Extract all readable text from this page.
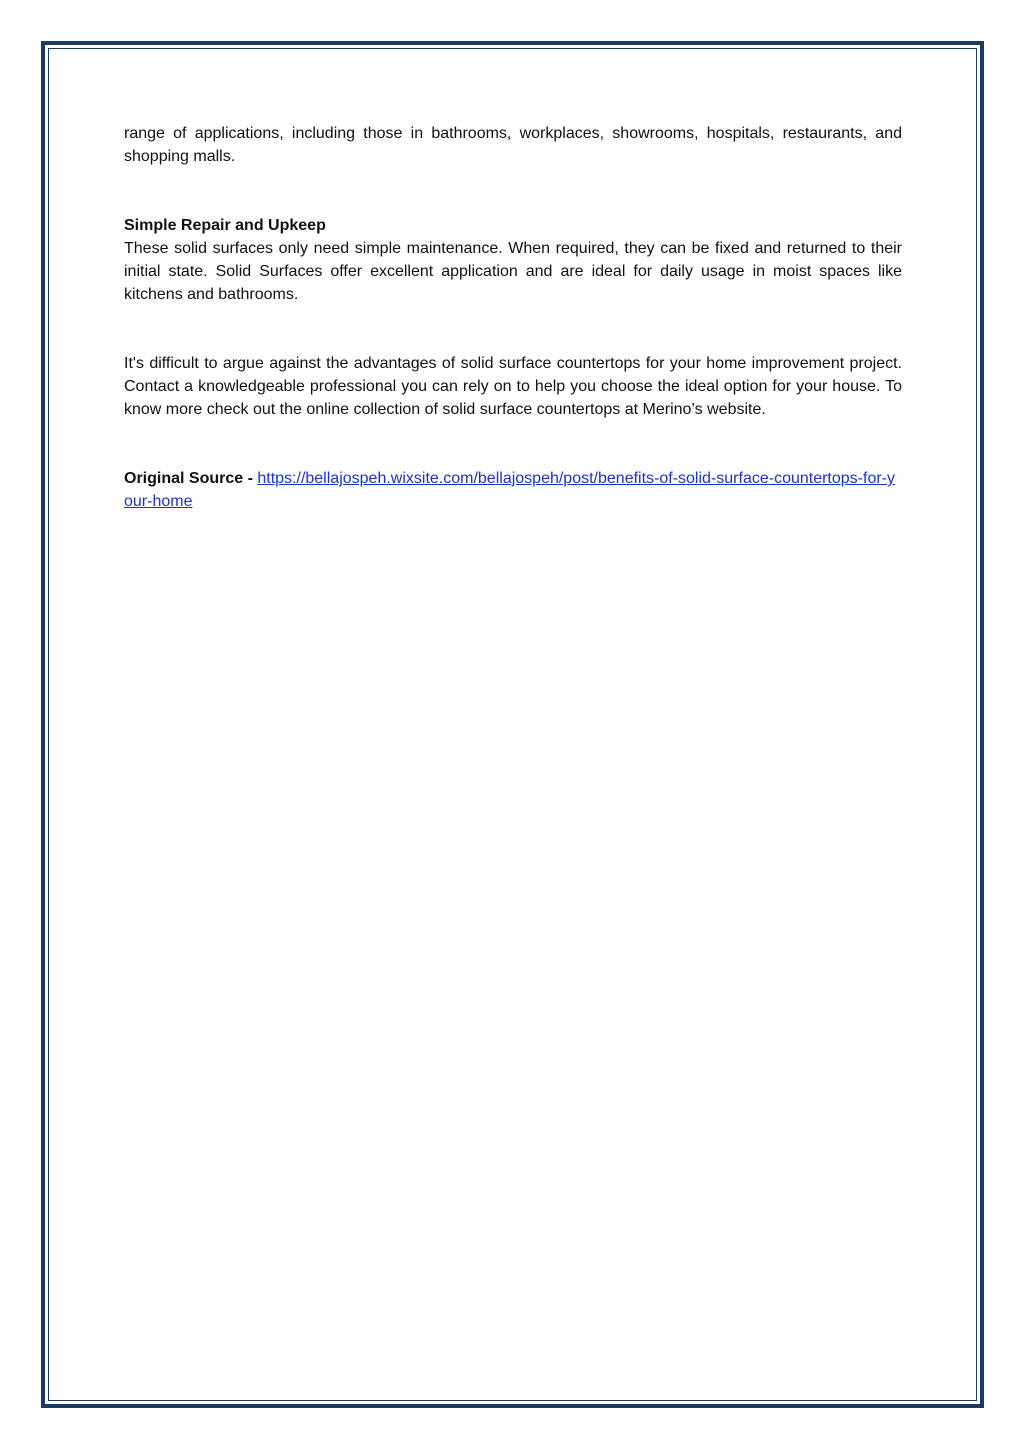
range of applications, including those in bathrooms, workplaces, showrooms, hospitals, restaurants, and shopping malls.

Simple Repair and Upkeep

These solid surfaces only need simple maintenance. When required, they can be fixed and returned to their initial state. Solid Surfaces offer excellent application and are ideal for daily usage in moist spaces like kitchens and bathrooms.

It's difficult to argue against the advantages of solid surface countertops for your home improvement project. Contact a knowledgeable professional you can rely on to help you choose the ideal option for your house. To know more check out the online collection of solid surface countertops at Merino’s website.

Original Source - https://bellajospeh.wixsite.com/bellajospeh/post/benefits-of-solid-surface-countertops-for-your-home
